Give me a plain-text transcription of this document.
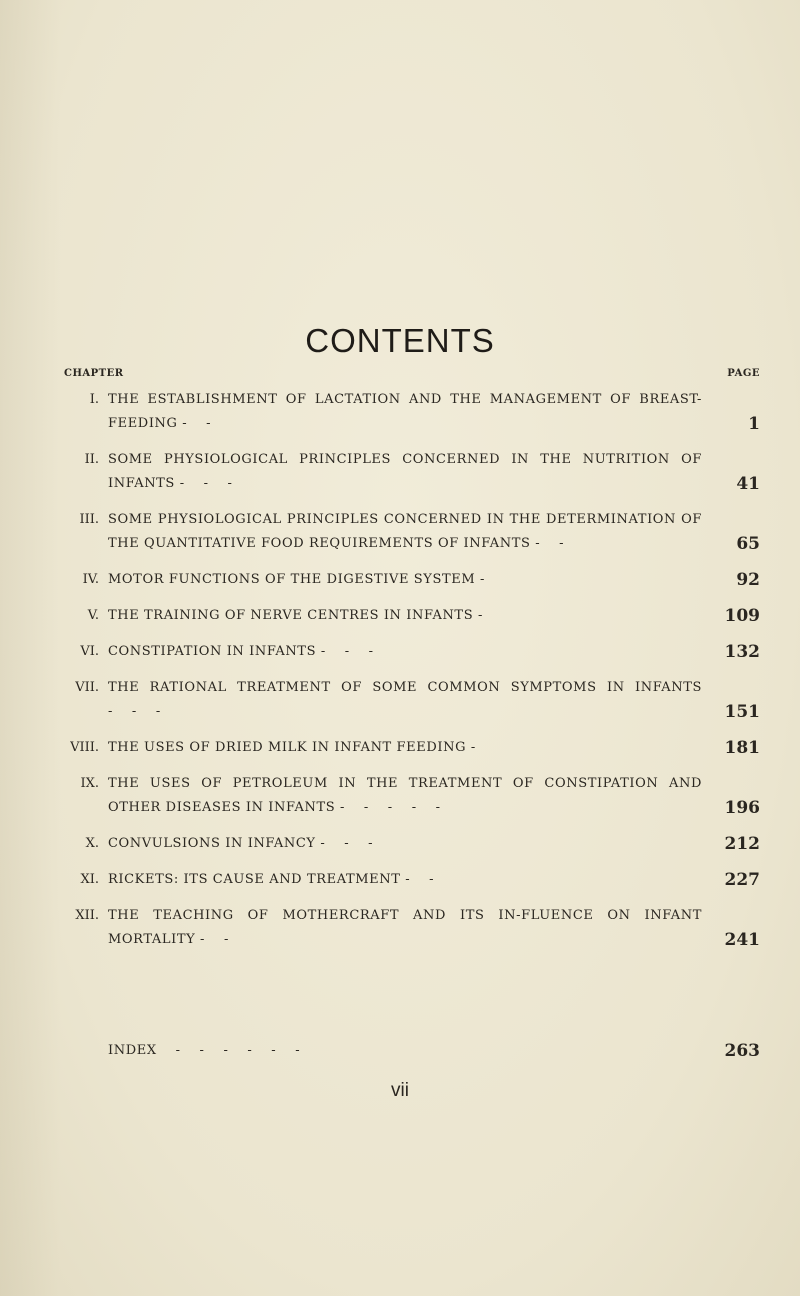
CONTENTS
CHAPTER	PAGE
I. THE ESTABLISHMENT OF LACTATION AND THE MANAGEMENT OF BREAST-FEEDING -    -	1
II. SOME PHYSIOLOGICAL PRINCIPLES CONCERNED IN THE NUTRITION OF INFANTS -    -    -	41
III. SOME PHYSIOLOGICAL PRINCIPLES CONCERNED IN THE DETERMINATION OF THE QUANTITATIVE FOOD REQUIREMENTS OF INFANTS -    -	65
IV. MOTOR FUNCTIONS OF THE DIGESTIVE SYSTEM -	92
V. THE TRAINING OF NERVE CENTRES IN INFANTS -	109
VI. CONSTIPATION IN INFANTS -    -    -	132
VII. THE RATIONAL TREATMENT OF SOME COMMON SYMPTOMS IN INFANTS -    -    -	151
VIII. THE USES OF DRIED MILK IN INFANT FEEDING -	181
IX. THE USES OF PETROLEUM IN THE TREATMENT OF CONSTIPATION AND OTHER DISEASES IN INFANTS -    -    -    -    -	196
X. CONVULSIONS IN INFANCY -    -    -	212
XI. RICKETS: ITS CAUSE AND TREATMENT -    -	227
XII. THE TEACHING OF MOTHERCRAFT AND ITS IN-FLUENCE ON INFANT MORTALITY -    -	241
INDEX -    -    -    -    -    -	263
vii
